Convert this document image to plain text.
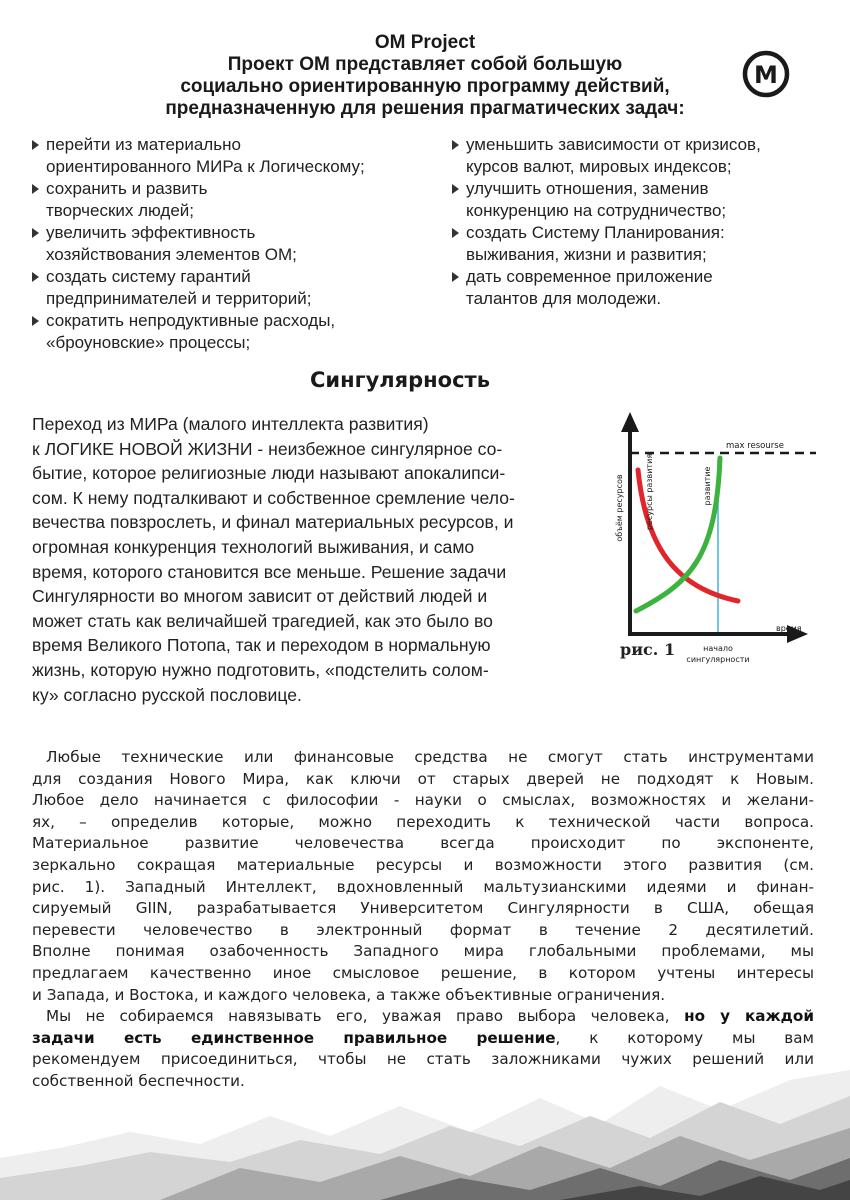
OM Project
Проект ОМ представляет собой большую
социально ориентированную программу действий,
предназначенную для решения прагматических задач:
M
перейти из материально
ориентированного МИРа к Логическому;
сохранить и развить
творческих людей;
увеличить эффективность
хозяйствования элементов ОМ;
создать систему гарантий
предпринимателей и территорий;
сократить непродуктивные расходы,
«броуновские» процессы;
уменьшить зависимости от кризисов,
курсов валют, мировых индексов;
улучшить отношения, заменив
конкуренцию на сотрудничество;
создать Систему Планирования:
выживания, жизни и развития;
дать современное приложение
талантов для молодежи.
Сингулярность
Переход из МИРа (малого интеллекта развития)
к ЛОГИКЕ НОВОЙ ЖИЗНИ - неизбежное сингулярное со-
бытие, которое религиозные люди называют апокалипси-
сом. К нему подталкивают и собственное сремление чело-
вечества повзрослеть, и финал материальных ресурсов, и
огромная конкуренция технологий выживания, и само
время, которого становится все меньше. Решение задачи
Сингулярности во многом зависит от действий людей и
может стать как величайшей трагедией, как это было во
время Великого Потопа, так и переходом в нормальную
жизнь, которую нужно подготовить, «подстелить солом-
ку» согласно русской пословице.
max resourse
объём ресурсов
время
ресурсы развития	развитие
начало
сингулярности
рис. 1
Любые технические или финансовые средства не смогут стать инструментами
для создания Нового Мира, как ключи от старых дверей не подходят к Новым.
Любое дело начинается с философии - науки о смыслах, возможностях и желани-
ях, – определив которые, можно переходить к технической части вопроса.
Материальное развитие человечества всегда происходит по экспоненте,
зеркально сокращая материальные ресурсы и возможности этого развития (см.
рис. 1). Западный Интеллект, вдохновленный мальтузианскими идеями и финан-
сируемый GIIN, разрабатывается Университетом Сингулярности в США, обещая
перевести человечество в электронный формат в течение 2 десятилетий.
Вполне понимая озабоченность Западного мира глобальными проблемами, мы
предлагаем качественно иное смысловое решение, в котором учтены интересы
и Запада, и Востока, и каждого человека, а также объективные ограничения.
Мы не собираемся навязывать его, уважая право выбора человека, но у каждой
задачи есть единственное правильное решение, к которому мы вам
рекомендуем присоединиться, чтобы не стать заложниками чужих решений или
собственной беспечности.
